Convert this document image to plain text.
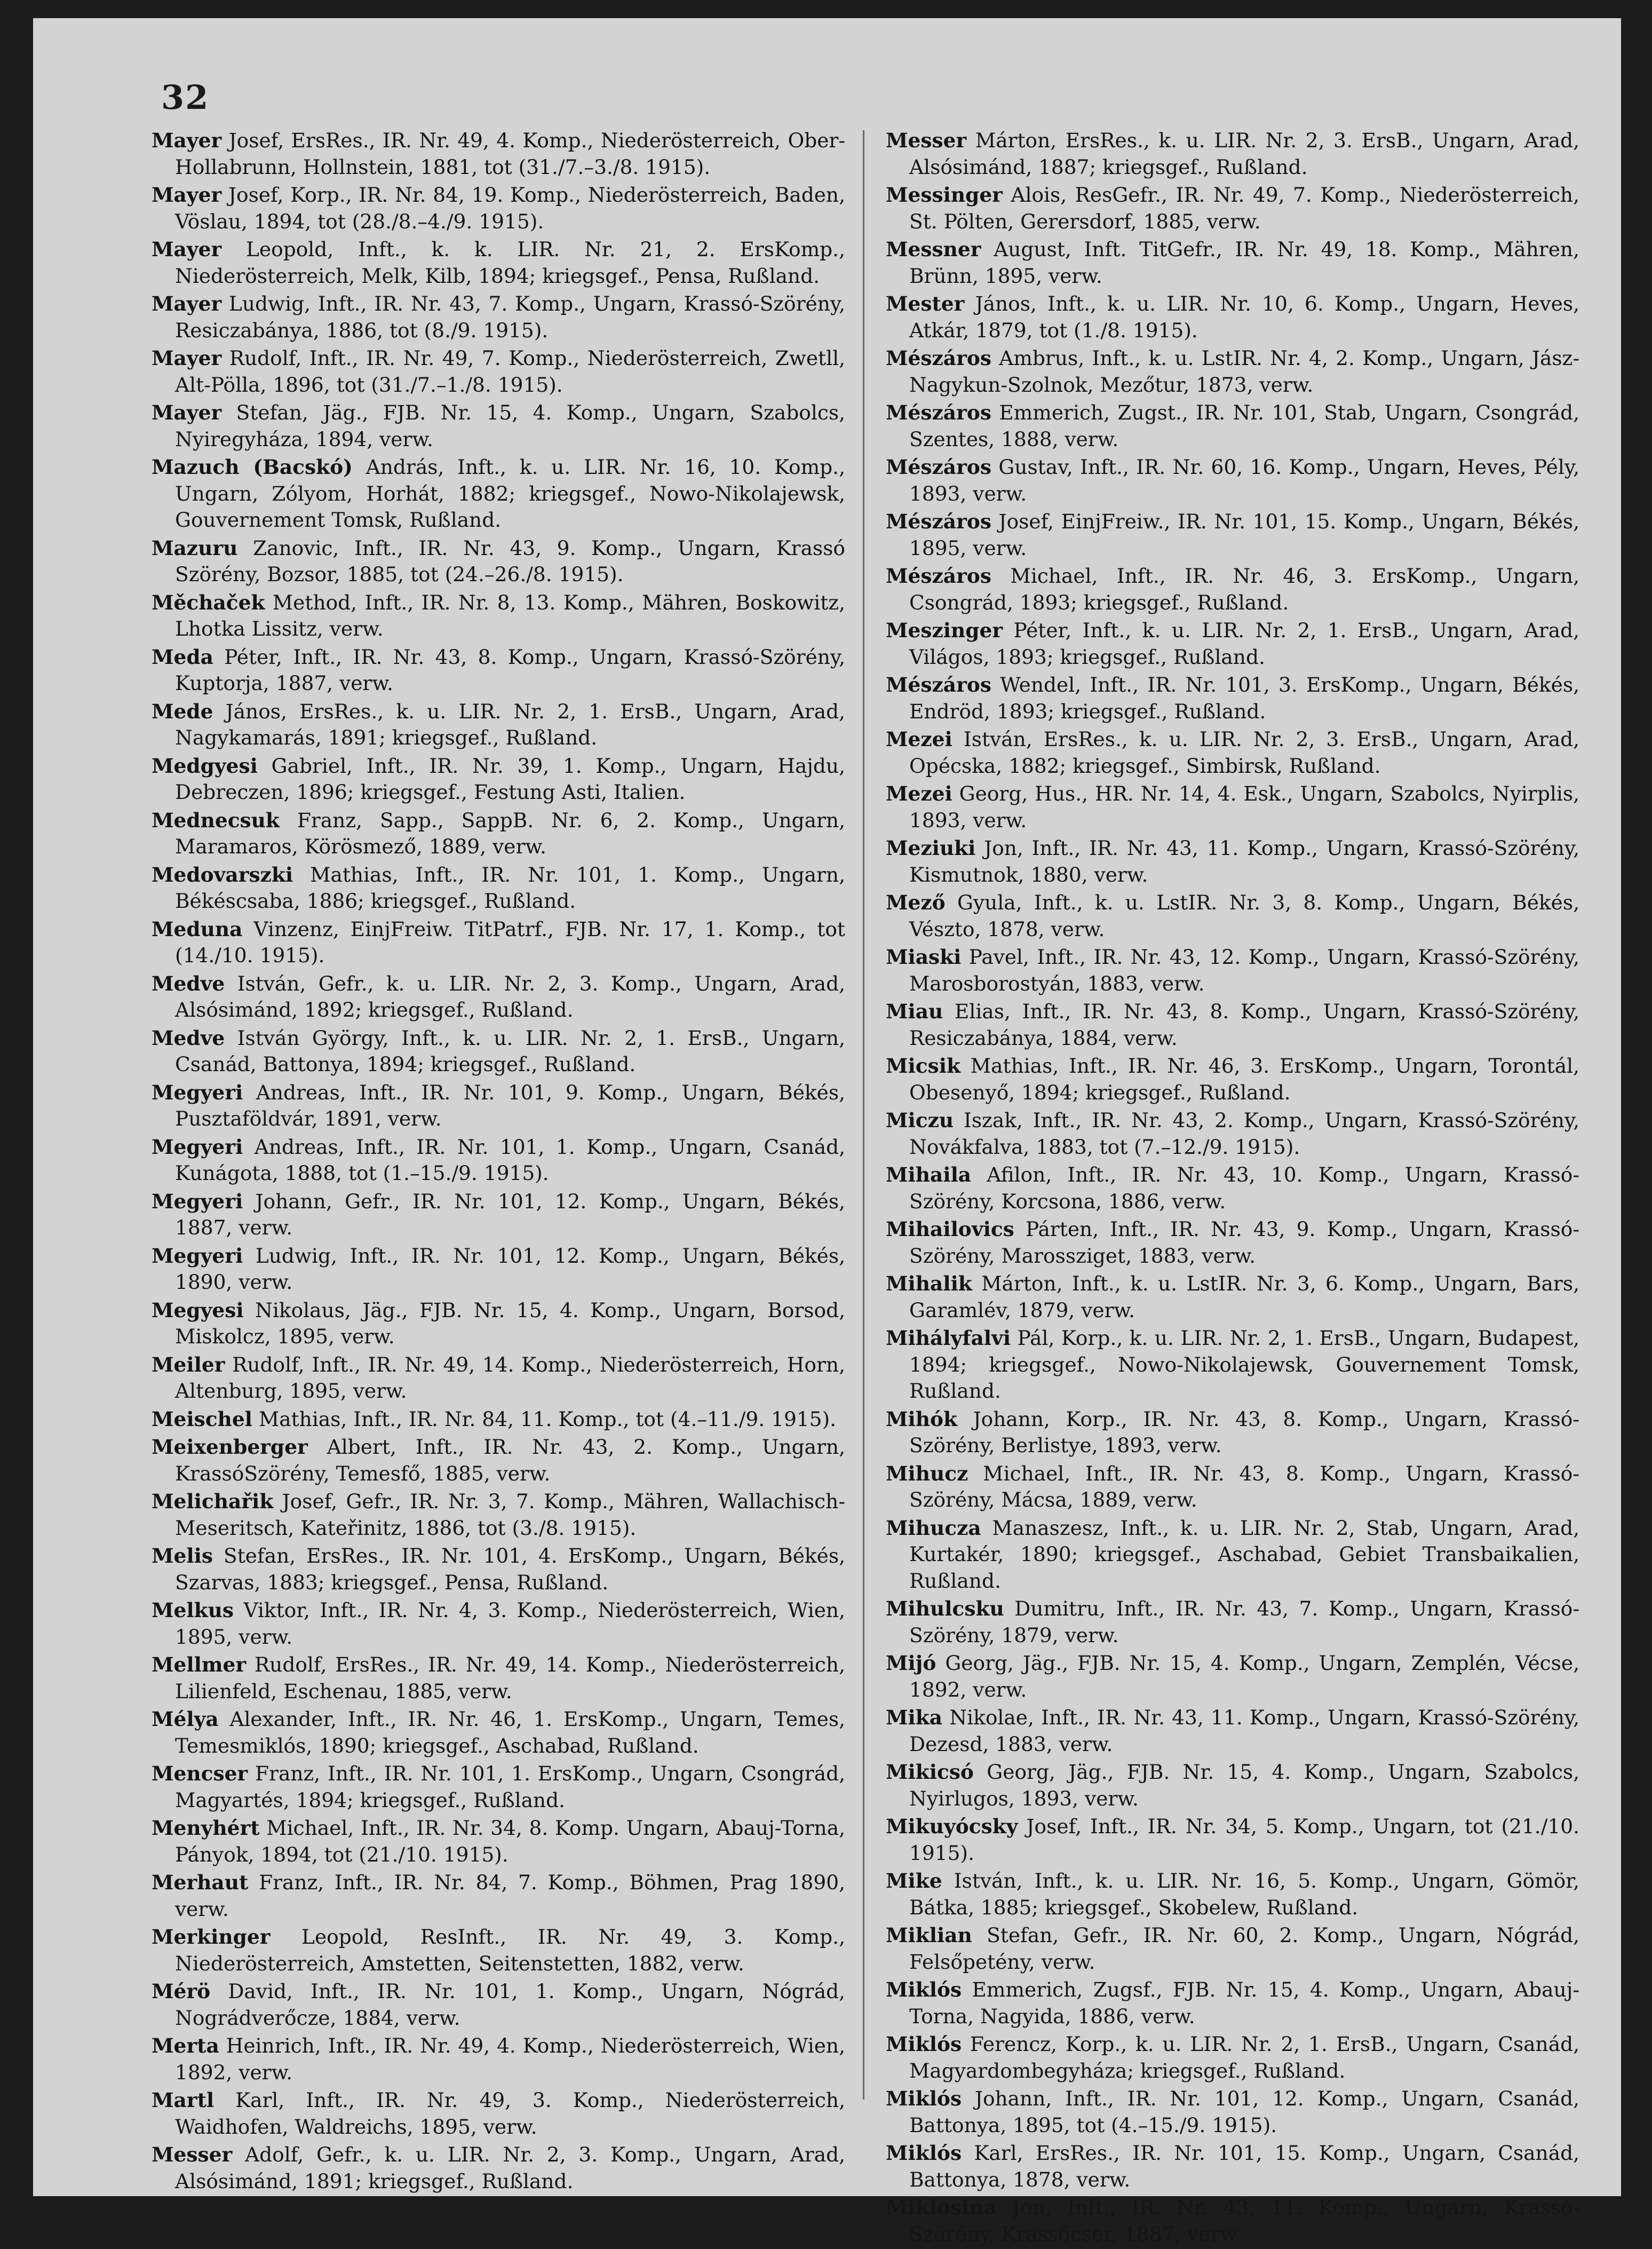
32

Mayer Josef, ErsRes., IR. Nr. 49, 4. Komp., Niederösterreich, Ober-Hollabrunn, Hollnstein, 1881, tot (31./7.–3./8. 1915).

Mayer Josef, Korp., IR. Nr. 84, 19. Komp., Niederösterreich, Baden, Vöslau, 1894, tot (28./8.–4./9. 1915).

Mayer Leopold, Inft., k. k. LIR. Nr. 21, 2. ErsKomp., Niederösterreich, Melk, Kilb, 1894; kriegsgef., Pensa, Rußland.

Mayer Ludwig, Inft., IR. Nr. 43, 7. Komp., Ungarn, Krassó-Szörény, Resiczabánya, 1886, tot (8./9. 1915).

Mayer Rudolf, Inft., IR. Nr. 49, 7. Komp., Niederösterreich, Zwetll, Alt-Pölla, 1896, tot (31./7.–1./8. 1915).

Mayer Stefan, Jäg., FJB. Nr. 15, 4. Komp., Ungarn, Szabolcs, Nyiregyháza, 1894, verw.

Mazuch (Bacskó) András, Inft., k. u. LIR. Nr. 16, 10. Komp., Ungarn, Zólyom, Horhát, 1882; kriegsgef., Nowo-Nikolajewsk, Gouvernement Tomsk, Rußland.

Mazuru Zanovic, Inft., IR. Nr. 43, 9. Komp., Ungarn, Krassó Szörény, Bozsor, 1885, tot (24.–26./8. 1915).

Měchaček Method, Inft., IR. Nr. 8, 13. Komp., Mähren, Boskowitz, Lhotka Lissitz, verw.

Meda Péter, Inft., IR. Nr. 43, 8. Komp., Ungarn, Krassó-Szörény, Kuptorja, 1887, verw.

Mede János, ErsRes., k. u. LIR. Nr. 2, 1. ErsB., Ungarn, Arad, Nagykamarás, 1891; kriegsgef., Rußland.

Medgyesi Gabriel, Inft., IR. Nr. 39, 1. Komp., Ungarn, Hajdu, Debreczen, 1896; kriegsgef., Festung Asti, Italien.

Mednecsuk Franz, Sapp., SappB. Nr. 6, 2. Komp., Ungarn, Maramaros, Körösmező, 1889, verw.

Medovarszki Mathias, Inft., IR. Nr. 101, 1. Komp., Ungarn, Békéscsaba, 1886; kriegsgef., Rußland.

Meduna Vinzenz, EinjFreiw. TitPatrf., FJB. Nr. 17, 1. Komp., tot (14./10. 1915).

Medve István, Gefr., k. u. LIR. Nr. 2, 3. Komp., Ungarn, Arad, Alsósimánd, 1892; kriegsgef., Rußland.

Medve István György, Inft., k. u. LIR. Nr. 2, 1. ErsB., Ungarn, Csanád, Battonya, 1894; kriegsgef., Rußland.

Megyeri Andreas, Inft., IR. Nr. 101, 9. Komp., Ungarn, Békés, Pusztaföldvár, 1891, verw.

Megyeri Andreas, Inft., IR. Nr. 101, 1. Komp., Ungarn, Csanád, Kunágota, 1888, tot (1.–15./9. 1915).

Megyeri Johann, Gefr., IR. Nr. 101, 12. Komp., Ungarn, Békés, 1887, verw.

Megyeri Ludwig, Inft., IR. Nr. 101, 12. Komp., Ungarn, Békés, 1890, verw.

Megyesi Nikolaus, Jäg., FJB. Nr. 15, 4. Komp., Ungarn, Borsod, Miskolcz, 1895, verw.

Meiler Rudolf, Inft., IR. Nr. 49, 14. Komp., Niederösterreich, Horn, Altenburg, 1895, verw.

Meischel Mathias, Inft., IR. Nr. 84, 11. Komp., tot (4.–11./9. 1915).

Meixenberger Albert, Inft., IR. Nr. 43, 2. Komp., Ungarn, KrassóSzörény, Temesfő, 1885, verw.

Melichařik Josef, Gefr., IR. Nr. 3, 7. Komp., Mähren, Wallachisch-Meseritsch, Kateřinitz, 1886, tot (3./8. 1915).

Melis Stefan, ErsRes., IR. Nr. 101, 4. ErsKomp., Ungarn, Békés, Szarvas, 1883; kriegsgef., Pensa, Rußland.

Melkus Viktor, Inft., IR. Nr. 4, 3. Komp., Niederösterreich, Wien, 1895, verw.

Mellmer Rudolf, ErsRes., IR. Nr. 49, 14. Komp., Niederösterreich, Lilienfeld, Eschenau, 1885, verw.

Mélya Alexander, Inft., IR. Nr. 46, 1. ErsKomp., Ungarn, Temes, Temesmiklós, 1890; kriegsgef., Aschabad, Rußland.

Mencser Franz, Inft., IR. Nr. 101, 1. ErsKomp., Ungarn, Csongrád, Magyartés, 1894; kriegsgef., Rußland.

Menyhért Michael, Inft., IR. Nr. 34, 8. Komp. Ungarn, Abauj-Torna, Pányok, 1894, tot (21./10. 1915).

Merhaut Franz, Inft., IR. Nr. 84, 7. Komp., Böhmen, Prag 1890, verw.

Merkinger Leopold, ResInft., IR. Nr. 49, 3. Komp., Niederösterreich, Amstetten, Seitenstetten, 1882, verw.

Mérö David, Inft., IR. Nr. 101, 1. Komp., Ungarn, Nógrád, Nográdverőcze, 1884, verw.

Merta Heinrich, Inft., IR. Nr. 49, 4. Komp., Niederösterreich, Wien, 1892, verw.

Martl Karl, Inft., IR. Nr. 49, 3. Komp., Niederösterreich, Waidhofen, Waldreichs, 1895, verw.

Messer Adolf, Gefr., k. u. LIR. Nr. 2, 3. Komp., Ungarn, Arad, Alsósimánd, 1891; kriegsgef., Rußland.

Messer Márton, ErsRes., k. u. LIR. Nr. 2, 3. ErsB., Ungarn, Arad, Alsósimánd, 1887; kriegsgef., Rußland.

Messinger Alois, ResGefr., IR. Nr. 49, 7. Komp., Niederösterreich, St. Pölten, Gerersdorf, 1885, verw.

Messner August, Inft. TitGefr., IR. Nr. 49, 18. Komp., Mähren, Brünn, 1895, verw.

Mester János, Inft., k. u. LIR. Nr. 10, 6. Komp., Ungarn, Heves, Atkár, 1879, tot (1./8. 1915).

Mészáros Ambrus, Inft., k. u. LstIR. Nr. 4, 2. Komp., Ungarn, Jász-Nagykun-Szolnok, Mezőtur, 1873, verw.

Mészáros Emmerich, Zugst., IR. Nr. 101, Stab, Ungarn, Csongrád, Szentes, 1888, verw.

Mészáros Gustav, Inft., IR. Nr. 60, 16. Komp., Ungarn, Heves, Pély, 1893, verw.

Mészáros Josef, EinjFreiw., IR. Nr. 101, 15. Komp., Ungarn, Békés, 1895, verw.

Mészáros Michael, Inft., IR. Nr. 46, 3. ErsKomp., Ungarn, Csongrád, 1893; kriegsgef., Rußland.

Meszinger Péter, Inft., k. u. LIR. Nr. 2, 1. ErsB., Ungarn, Arad, Világos, 1893; kriegsgef., Rußland.

Mészáros Wendel, Inft., IR. Nr. 101, 3. ErsKomp., Ungarn, Békés, Endröd, 1893; kriegsgef., Rußland.

Mezei István, ErsRes., k. u. LIR. Nr. 2, 3. ErsB., Ungarn, Arad, Opécska, 1882; kriegsgef., Simbirsk, Rußland.

Mezei Georg, Hus., HR. Nr. 14, 4. Esk., Ungarn, Szabolcs, Nyirplis, 1893, verw.

Meziuki Jon, Inft., IR. Nr. 43, 11. Komp., Ungarn, Krassó-Szörény, Kismutnok, 1880, verw.

Mező Gyula, Inft., k. u. LstIR. Nr. 3, 8. Komp., Ungarn, Békés, Vészto, 1878, verw.

Miaski Pavel, Inft., IR. Nr. 43, 12. Komp., Ungarn, Krassó-Szörény, Marosborostyán, 1883, verw.

Miau Elias, Inft., IR. Nr. 43, 8. Komp., Ungarn, Krassó-Szörény, Resiczabánya, 1884, verw.

Micsik Mathias, Inft., IR. Nr. 46, 3. ErsKomp., Ungarn, Torontál, Obesenyő, 1894; kriegsgef., Rußland.

Miczu Iszak, Inft., IR. Nr. 43, 2. Komp., Ungarn, Krassó-Szörény, Novákfalva, 1883, tot (7.–12./9. 1915).

Mihaila Afilon, Inft., IR. Nr. 43, 10. Komp., Ungarn, Krassó-Szörény, Korcsona, 1886, verw.

Mihailovics Párten, Inft., IR. Nr. 43, 9. Komp., Ungarn, Krassó-Szörény, Marossziget, 1883, verw.

Mihalik Márton, Inft., k. u. LstIR. Nr. 3, 6. Komp., Ungarn, Bars, Garamlév, 1879, verw.

Mihályfalvi Pál, Korp., k. u. LIR. Nr. 2, 1. ErsB., Ungarn, Budapest, 1894; kriegsgef., Nowo-Nikolajewsk, Gouvernement Tomsk, Rußland.

Mihók Johann, Korp., IR. Nr. 43, 8. Komp., Ungarn, Krassó-Szörény, Berlistye, 1893, verw.

Mihucz Michael, Inft., IR. Nr. 43, 8. Komp., Ungarn, Krassó-Szörény, Mácsa, 1889, verw.

Mihucza Manaszesz, Inft., k. u. LIR. Nr. 2, Stab, Ungarn, Arad, Kurtakér, 1890; kriegsgef., Aschabad, Gebiet Transbaikalien, Rußland.

Mihulcsku Dumitru, Inft., IR. Nr. 43, 7. Komp., Ungarn, Krassó-Szörény, 1879, verw.

Mijó Georg, Jäg., FJB. Nr. 15, 4. Komp., Ungarn, Zemplén, Vécse, 1892, verw.

Mika Nikolae, Inft., IR. Nr. 43, 11. Komp., Ungarn, Krassó-Szörény, Dezesd, 1883, verw.

Mikicsó Georg, Jäg., FJB. Nr. 15, 4. Komp., Ungarn, Szabolcs, Nyirlugos, 1893, verw.

Mikuyócsky Josef, Inft., IR. Nr. 34, 5. Komp., Ungarn, tot (21./10. 1915).

Mike István, Inft., k. u. LIR. Nr. 16, 5. Komp., Ungarn, Gömör, Bátka, 1885; kriegsgef., Skobelew, Rußland.

Miklian Stefan, Gefr., IR. Nr. 60, 2. Komp., Ungarn, Nógrád, Felsőpetény, verw.

Miklós Emmerich, Zugsf., FJB. Nr. 15, 4. Komp., Ungarn, Abauj-Torna, Nagyida, 1886, verw.

Miklós Ferencz, Korp., k. u. LIR. Nr. 2, 1. ErsB., Ungarn, Csanád, Magyardombegyháza; kriegsgef., Rußland.

Miklós Johann, Inft., IR. Nr. 101, 12. Komp., Ungarn, Csanád, Battonya, 1895, tot (4.–15./9. 1915).

Miklós Karl, ErsRes., IR. Nr. 101, 15. Komp., Ungarn, Csanád, Battonya, 1878, verw.

Miklosina Jon, Inft., IR. Nr. 43, 11. Komp., Ungarn, Krassó-Szörény, Krassócser, 1887, verw.
